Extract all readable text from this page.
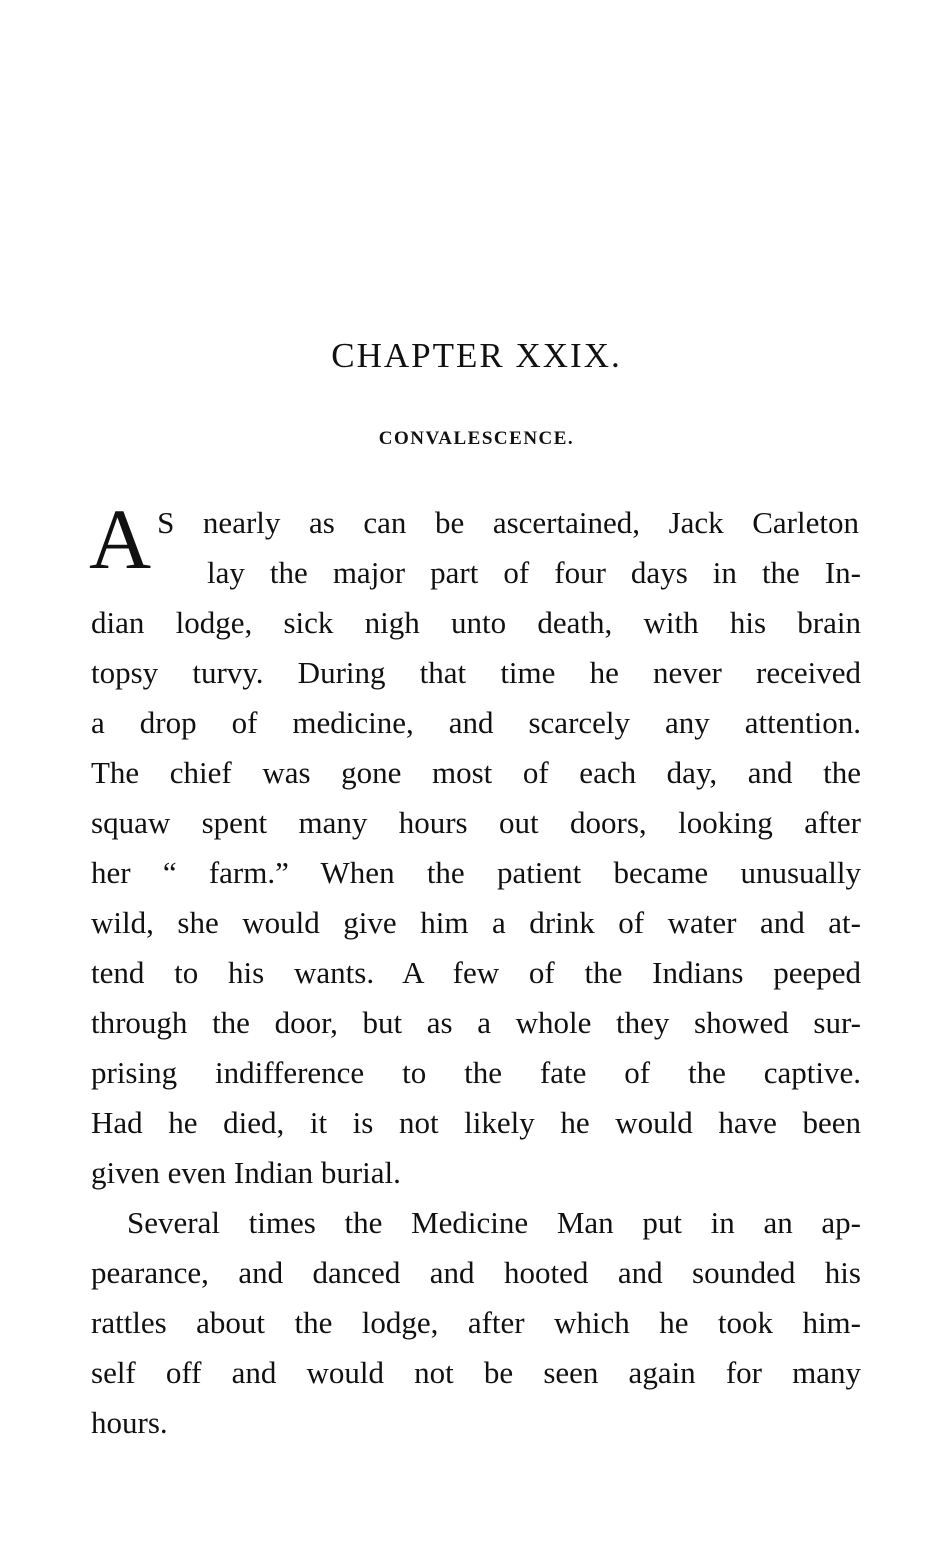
CHAPTER XXIX.
CONVALESCENCE.
A S nearly as can be ascertained, Jack Carleton
lay the major part of four days in the In-
dian lodge, sick nigh unto death, with his brain
topsy turvy. During that time he never received
a drop of medicine, and scarcely any attention.
The chief was gone most of each day, and the
squaw spent many hours out doors, looking after
her “ farm.” When the patient became unusually
wild, she would give him a drink of water and at-
tend to his wants. A few of the Indians peeped
through the door, but as a whole they showed sur-
prising indifference to the fate of the captive.
Had he died, it is not likely he would have been
given even Indian burial.
Several times the Medicine Man put in an ap-
pearance, and danced and hooted and sounded his
rattles about the lodge, after which he took him-
self off and would not be seen again for many
hours.
